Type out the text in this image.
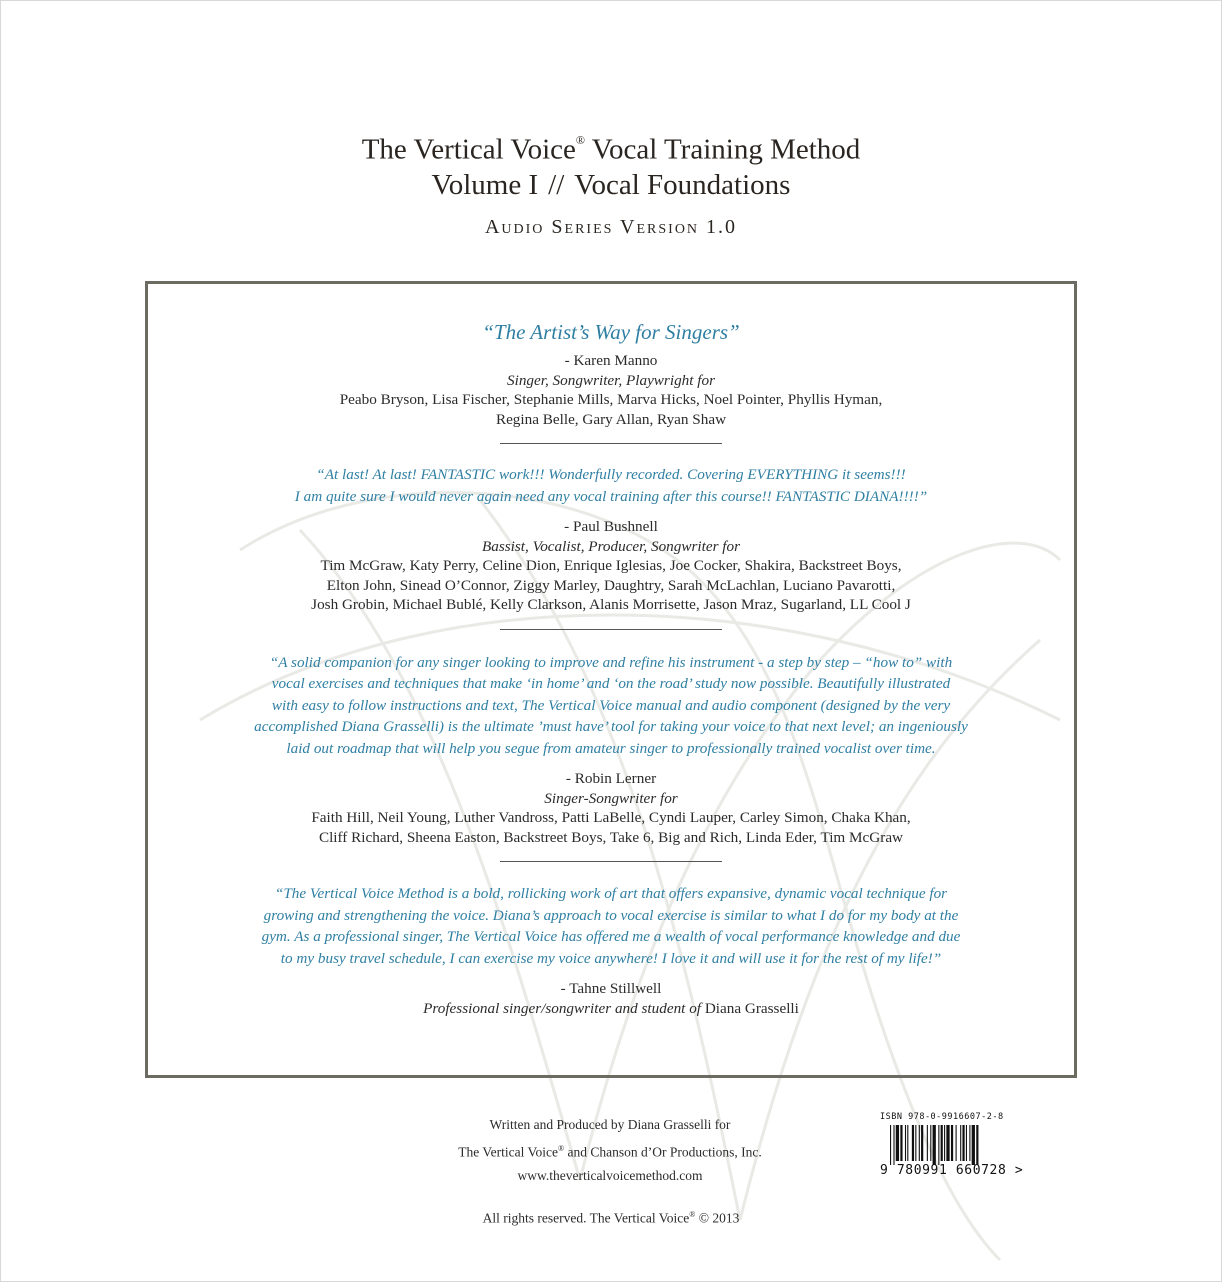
The Vertical Voice® Vocal Training Method
Volume I // Vocal Foundations
Audio Series Version 1.0
“The Artist’s Way for Singers”
- Karen Manno
Singer, Songwriter, Playwright for
Peabo Bryson, Lisa Fischer, Stephanie Mills, Marva Hicks, Noel Pointer, Phyllis Hyman,
Regina Belle, Gary Allan, Ryan Shaw
“At last! At last! FANTASTIC work!!! Wonderfully recorded. Covering EVERYTHING it seems!!!
I am quite sure I would never again need any vocal training after this course!! FANTASTIC DIANA!!!!”
- Paul Bushnell
Bassist, Vocalist, Producer, Songwriter for
Tim McGraw, Katy Perry, Celine Dion, Enrique Iglesias, Joe Cocker, Shakira, Backstreet Boys,
Elton John, Sinead O’Connor, Ziggy Marley, Daughtry, Sarah McLachlan, Luciano Pavarotti,
Josh Grobin, Michael Bublé, Kelly Clarkson, Alanis Morrisette, Jason Mraz, Sugarland, LL Cool J
“A solid companion for any singer looking to improve and refine his instrument - a step by step – “how to” with
vocal exercises and techniques that make ‘in home’ and ‘on the road’ study now possible. Beautifully illustrated
with easy to follow instructions and text, The Vertical Voice manual and audio component (designed by the very
accomplished Diana Grasselli) is the ultimate ’must have’ tool for taking your voice to that next level; an ingeniously
laid out roadmap that will help you segue from amateur singer to professionally trained vocalist over time.
- Robin Lerner
Singer-Songwriter for
Faith Hill, Neil Young, Luther Vandross, Patti LaBelle, Cyndi Lauper, Carley Simon, Chaka Khan,
Cliff Richard, Sheena Easton, Backstreet Boys, Take 6, Big and Rich, Linda Eder, Tim McGraw
“The Vertical Voice Method is a bold, rollicking work of art that offers expansive, dynamic vocal technique for
growing and strengthening the voice. Diana’s approach to vocal exercise is similar to what I do for my body at the
gym. As a professional singer, The Vertical Voice has offered me a wealth of vocal performance knowledge and due
to my busy travel schedule, I can exercise my voice anywhere! I love it and will use it for the rest of my life!”
- Tahne Stillwell
Professional singer/songwriter and student of Diana Grasselli
Written and Produced by Diana Grasselli for
The Vertical Voice® and Chanson d’Or Productions, Inc.
www.theverticalvoicemethod.com
ISBN 978-0-9916607-2-8
9 780991 660728 >
All rights reserved. The Vertical Voice® © 2013
